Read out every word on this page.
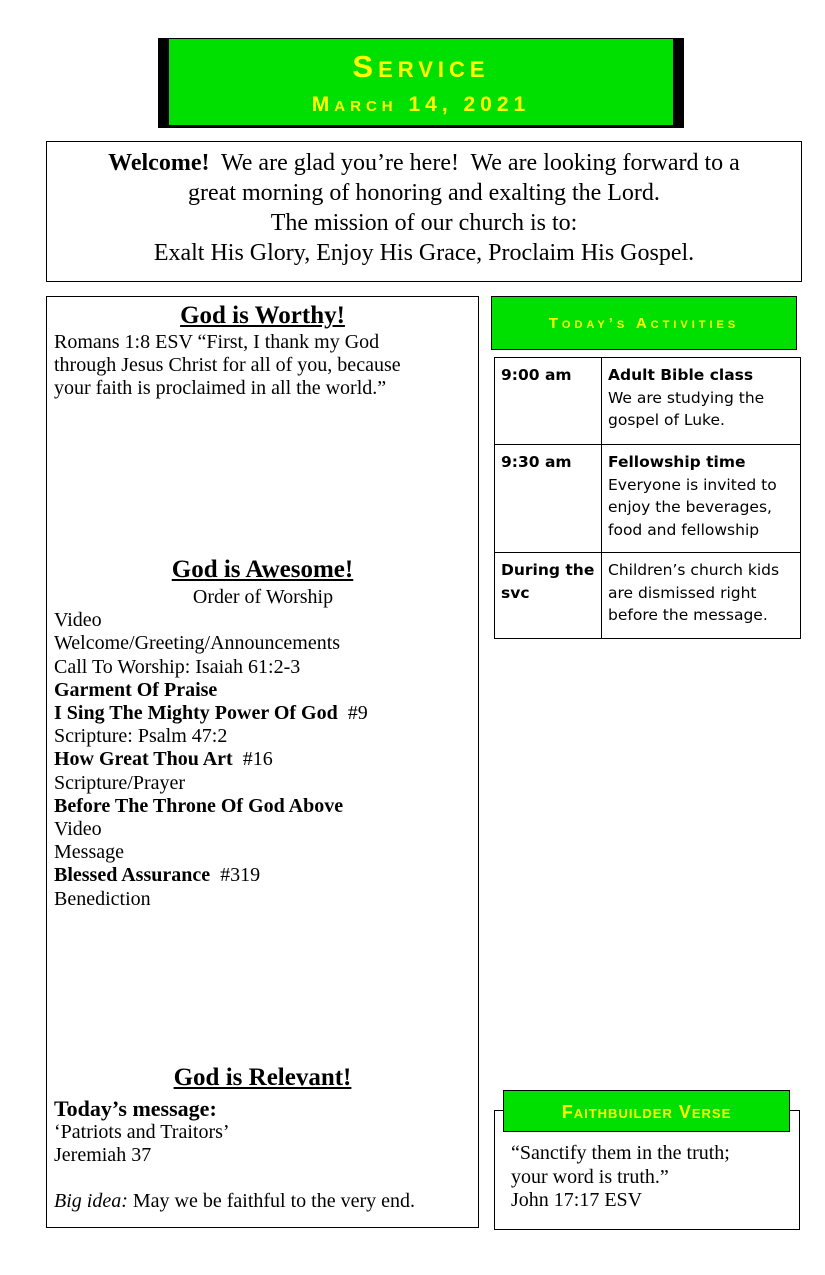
Service
March 14, 2021

Welcome!  We are glad you’re here!  We are looking forward to a

great morning of honoring and exalting the Lord.

The mission of our church is to:

Exalt His Glory, Enjoy His Grace, Proclaim His Gospel.

God is Worthy!
Romans 1:8 ESV “First, I thank my God
through Jesus Christ for all of you, because
your faith is proclaimed in all the world.”
God is Awesome!
Order of Worship
Video
Welcome/Greeting/Announcements
Call To Worship: Isaiah 61:2-3
Garment Of Praise
I Sing The Mighty Power Of God  #9
Scripture: Psalm 47:2
How Great Thou Art  #16
Scripture/Prayer
Before The Throne Of God Above
Video
Message
Blessed Assurance  #319
Benediction
God is Relevant!
Today’s message:
‘Patriots and Traitors’
Jeremiah 37
Big idea: May we be faithful to the very end.
Today’s Activities
9:00 am	Adult Bible class
We are studying the gospel of Luke.
9:30 am	Fellowship time
Everyone is invited to enjoy the beverages, food and fellowship
During the svc	Children’s church kids are dismissed right before the message.
Faithbuilder Verse
“Sanctify them in the truth;
your word is truth.”
John 17:17 ESV
